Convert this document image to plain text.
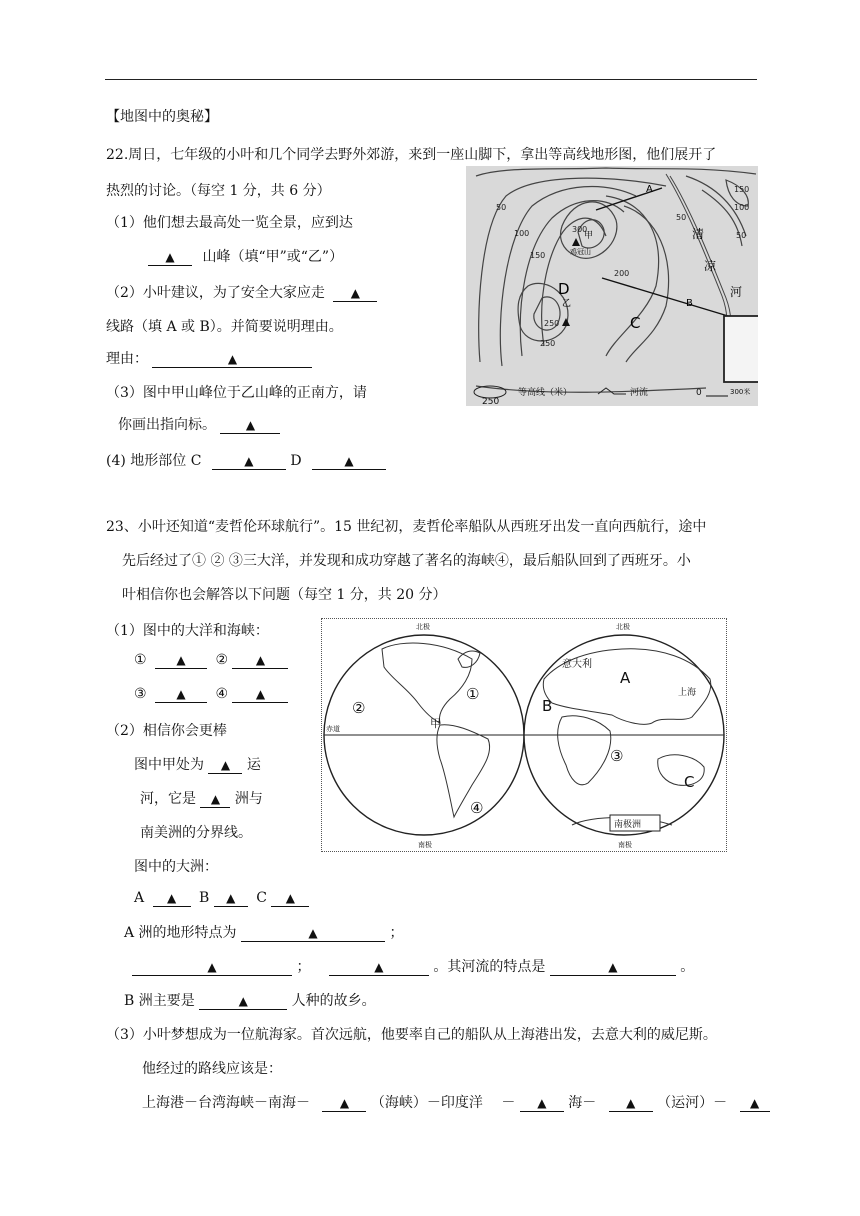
【地图中的奥秘】
22.周日，七年级的小叶和几个同学去野外郊游，来到一座山脚下，拿出等高线地形图，他们展开了
热烈的讨论。（每空 1 分，共 6 分）
（1）他们想去最高处一览全景，应到达
▲ 山峰（填“甲”或“乙”）
（2）小叶建议，为了安全大家应走 ▲
线路（填 A 或 B）。并简要说明理由。
理由：	▲
（3）图中甲山峰位于乙山峰的正南方，请
你画出指向标。 ▲
(4) 地形部位 C	▲	D	▲
A
B
C
D
甲
乙
清
凉
河
鸡冠山
50
100
150
200
250
300
250
150
100
50
50
250
等高线（米）	河流	0	300米
23、小叶还知道“麦哲伦环球航行”。15 世纪初，麦哲伦率船队从西班牙出发一直向西航行，途中
先后经过了① ② ③三大洋，并发现和成功穿越了著名的海峡④，最后船队回到了西班牙。小
叶相信你也会解答以下问题（每空 1 分，共 20 分）
（1）图中的大洋和海峡：
① ▲ ② ▲
③ ▲ ④ ▲
（2）相信你会更棒
图中甲处为 ▲ 运
河，它是 ▲ 洲与
南美洲的分界线。
图中的大洲：
A ▲ B ▲ C ▲
A 洲的地形特点为	▲	；
▲	；	▲	。其河流的特点是	▲	。
B 洲主要是	▲	人种的故乡。
（3）小叶梦想成为一位航海家。首次远航，他要率自己的船队从上海港出发，去意大利的威尼斯。
他经过的路线应该是：
上海港－台湾海峡－南海－ ▲ （海峡）－印度洋 － ▲ 海－ ▲ （运河）－ ▲
北极	北极
南极	南极
赤道
南极洲
意大利
上海
甲
A
B
C
①
②
③
④
